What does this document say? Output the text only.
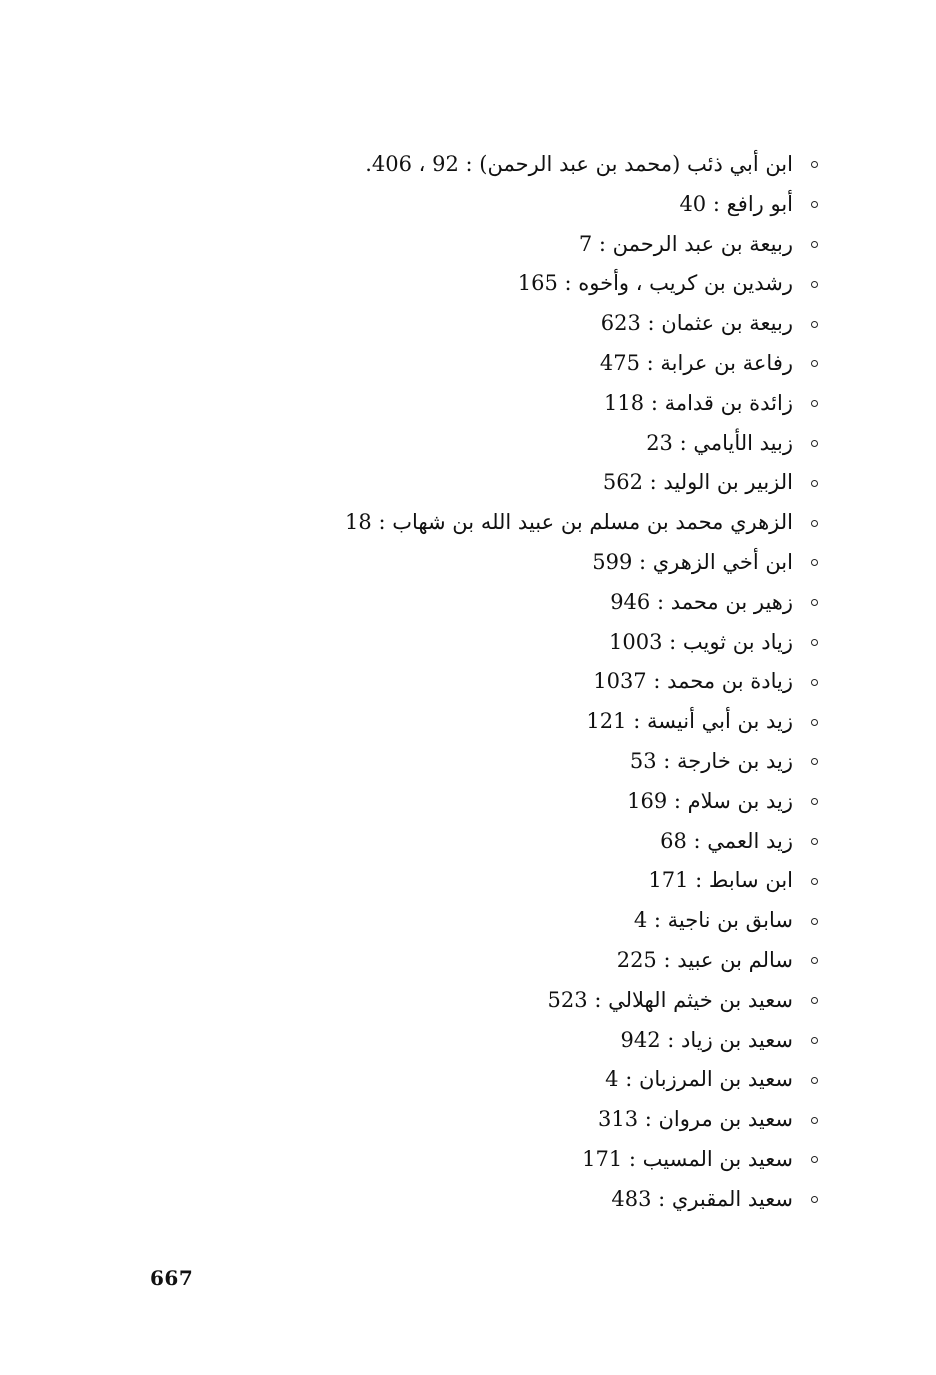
ابن أبي ذئب (محمد بن عبد الرحمن) : 92 ، 406.
أبو رافع : 40
ربيعة بن عبد الرحمن : 7
رشدين بن كريب ، وأخوه : 165
ربيعة بن عثمان : 623
رفاعة بن عرابة : 475
زائدة بن قدامة : 118
زبيد الأيامي : 23
الزبير بن الوليد : 562
الزهري محمد بن مسلم بن عبيد الله بن شهاب : 18
ابن أخي الزهري : 599
زهير بن محمد : 946
زياد بن ثويب : 1003
زيادة بن محمد : 1037
زيد بن أبي أنيسة : 121
زيد بن خارجة : 53
زيد بن سلام : 169
زيد العمي : 68
ابن سابط : 171
سابق بن ناجية : 4
سالم بن عبيد : 225
سعيد بن خيثم الهلالي : 523
سعيد بن زياد : 942
سعيد بن المرزبان : 4
سعيد بن مروان : 313
سعيد بن المسيب : 171
سعيد المقبري : 483
667
